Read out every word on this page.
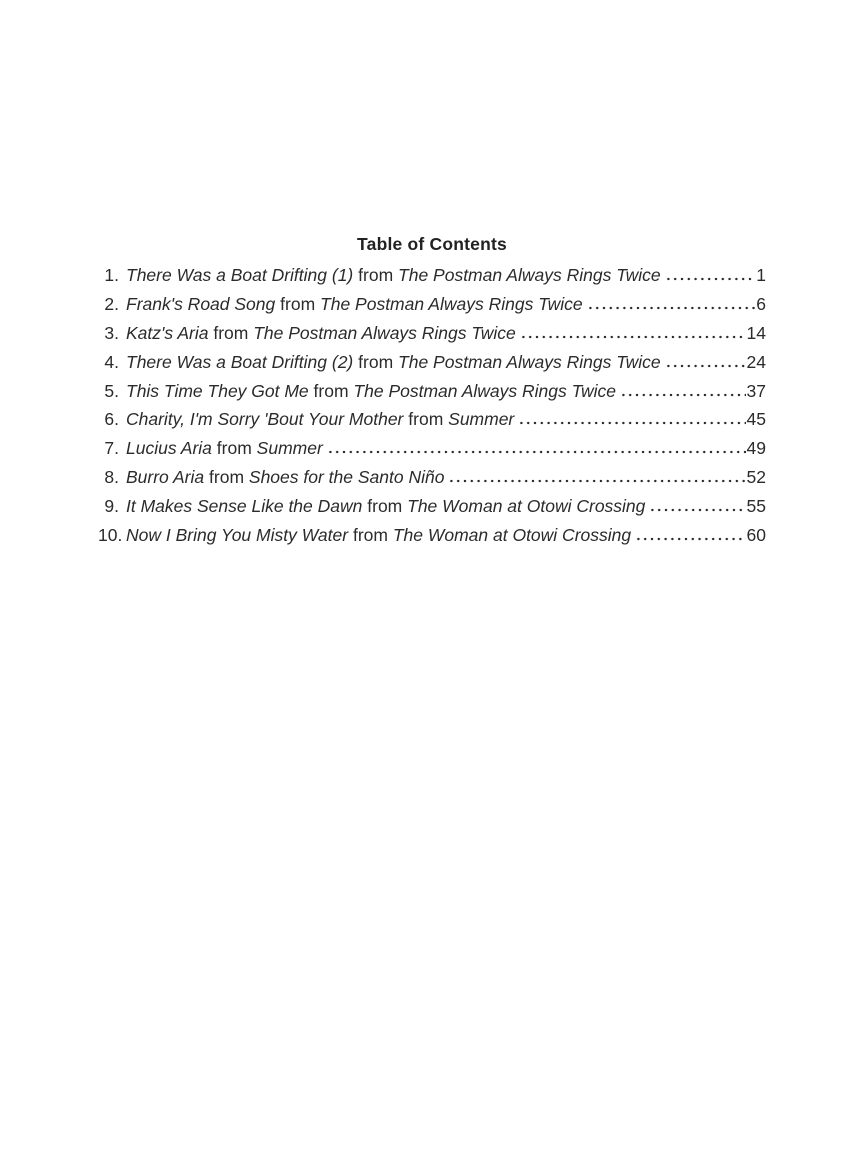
Table of Contents
1. There Was a Boat Drifting (1) from The Postman Always Rings Twice	1
2. Frank's Road Song from The Postman Always Rings Twice	6
3. Katz's Aria from The Postman Always Rings Twice	14
4. There Was a Boat Drifting (2) from The Postman Always Rings Twice	24
5. This Time They Got Me from The Postman Always Rings Twice	37
6. Charity, I'm Sorry 'Bout Your Mother from Summer	45
7. Lucius Aria from Summer	49
8. Burro Aria from Shoes for the Santo Niño	52
9. It Makes Sense Like the Dawn from The Woman at Otowi Crossing	55
10. Now I Bring You Misty Water from The Woman at Otowi Crossing	60
